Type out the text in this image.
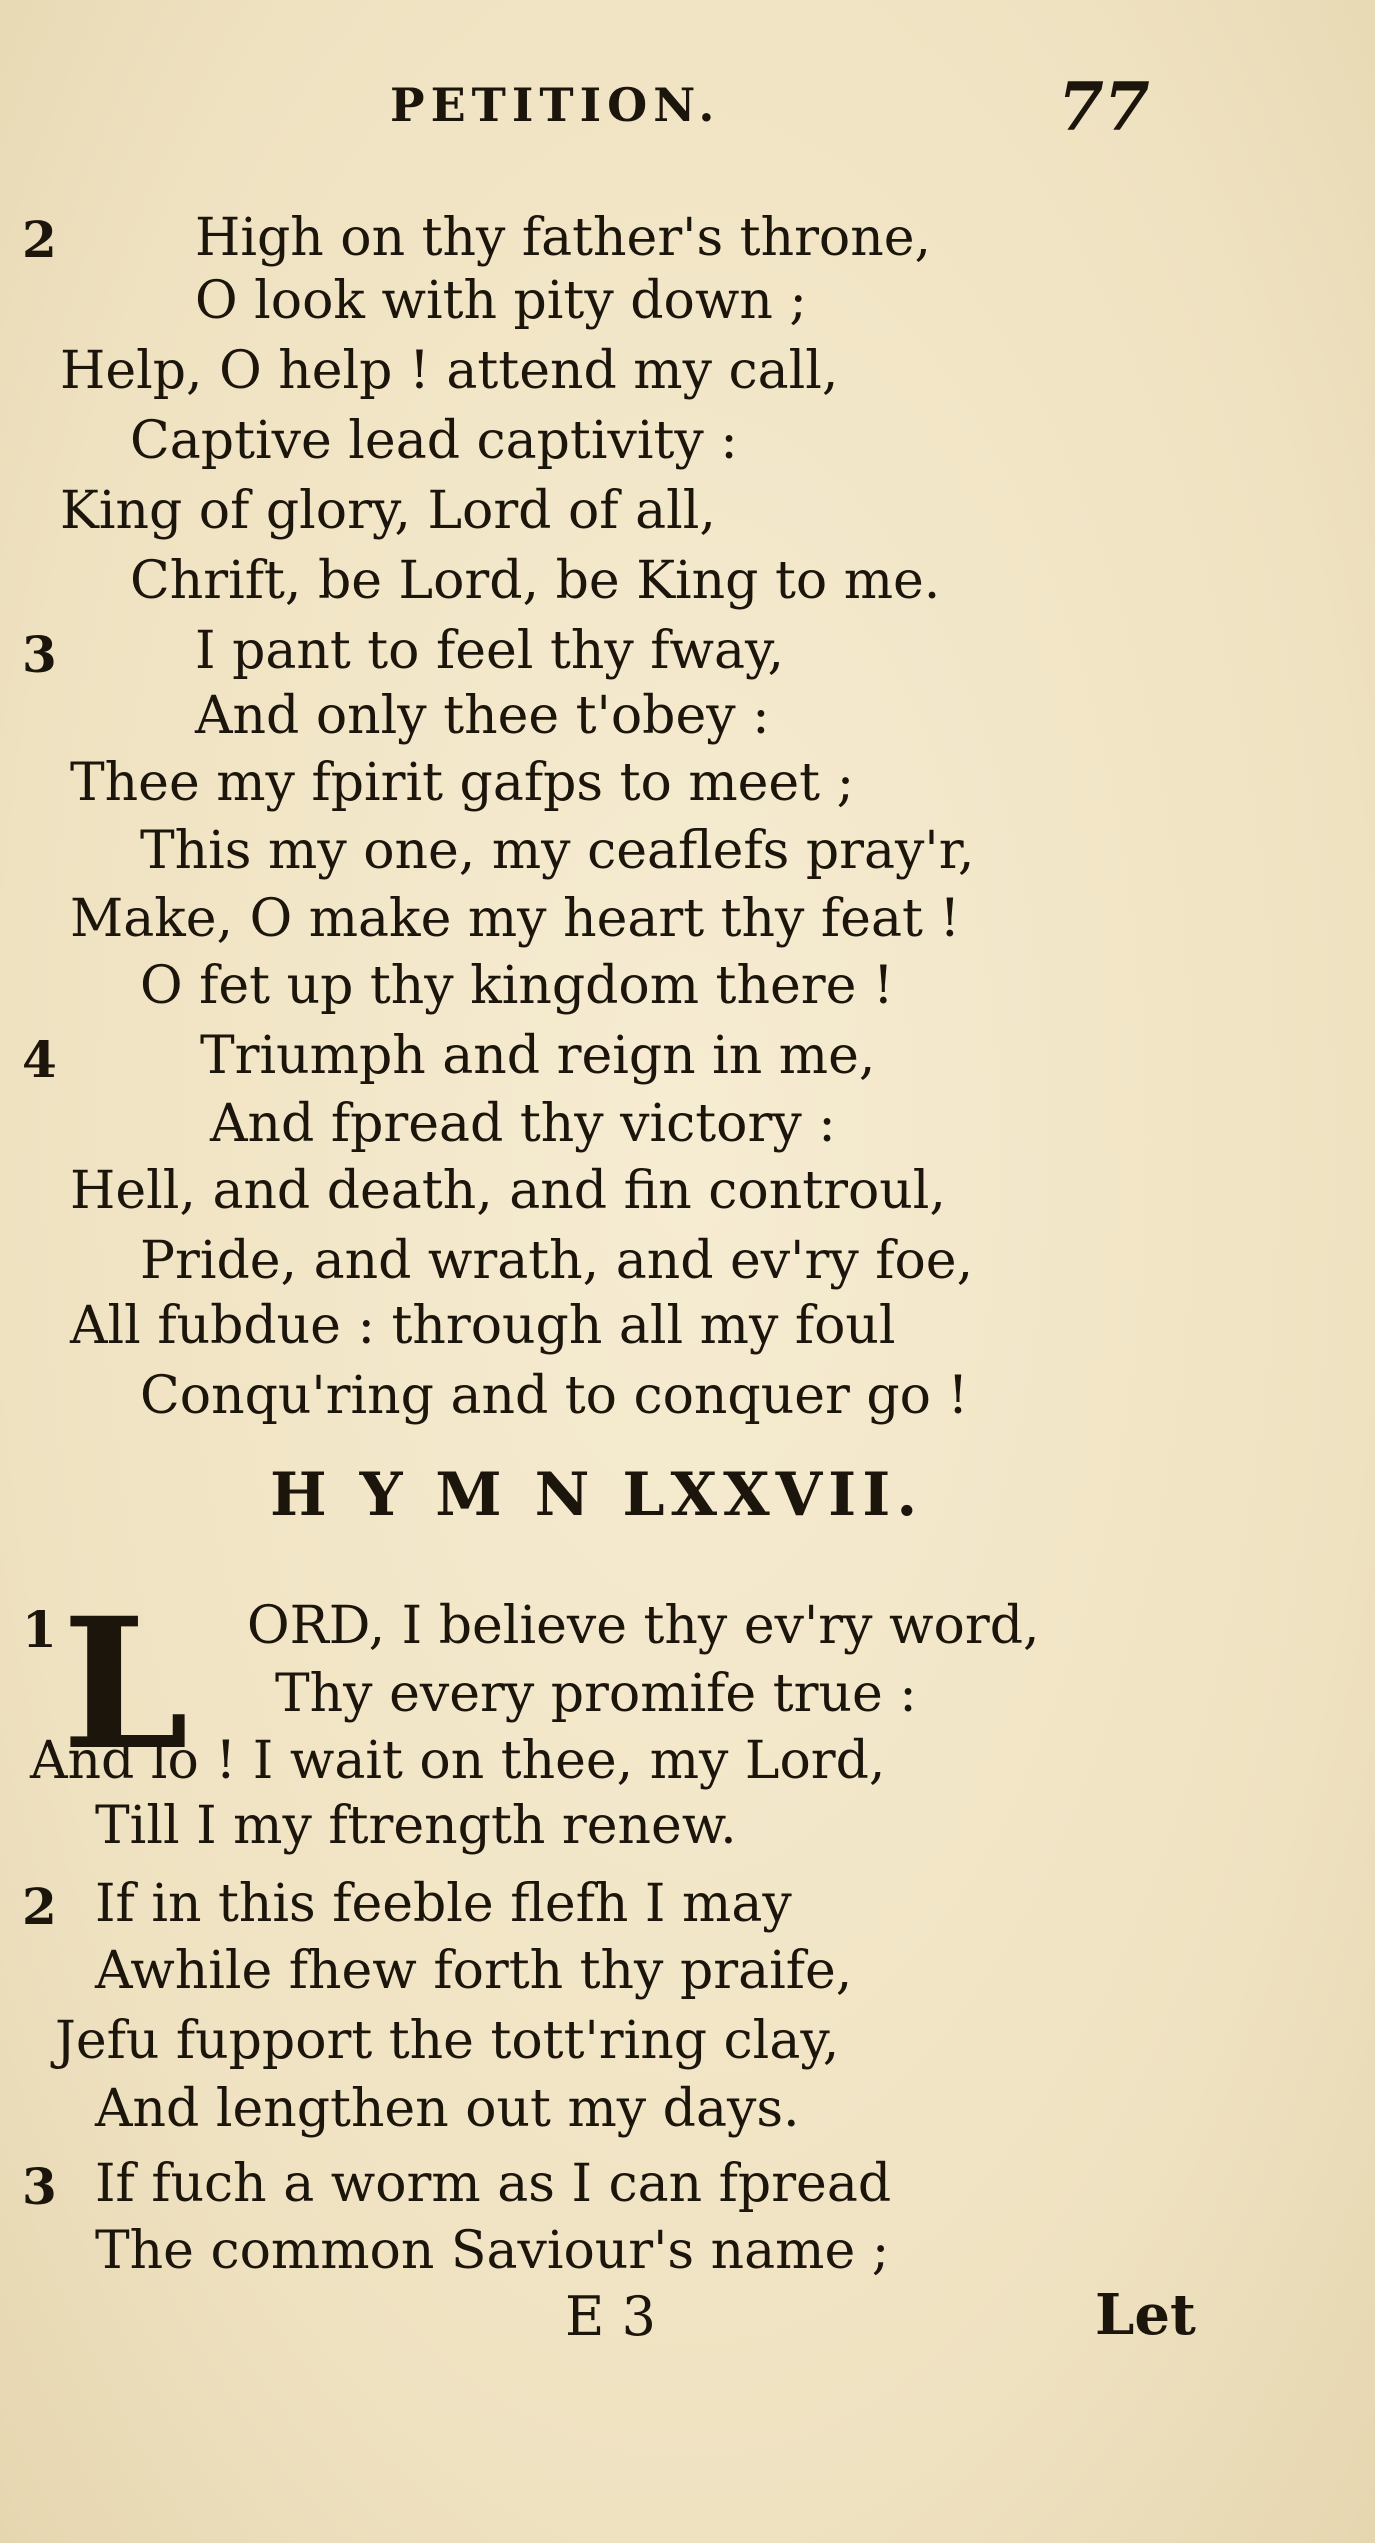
PETITION.	77
2	High on thy father's throne,
O look with pity down ;
Help, O help ! attend my call,
Captive lead captivity :
King of glory, Lord of all,
Chrift, be Lord, be King to me.
3	I pant to feel thy fway,
And only thee t'obey :
Thee my fpirit gafps to meet ;
This my one, my ceaflefs pray'r,
Make, O make my heart thy feat !
O fet up thy kingdom there !
4	Triumph and reign in me,
And fpread thy victory :
Hell, and death, and fin controul,
Pride, and wrath, and ev'ry foe,
All fubdue : through all my foul
Conqu'ring and to conquer go !
H Y M N LXXVII.
L
1	ORD, I believe thy ev'ry word,
Thy every promife true :
And lo ! I wait on thee, my Lord,
Till I my ftrength renew.
2 If in this feeble flefh I may
Awhile fhew forth thy praife,
Jefu fupport the tott'ring clay,
And lengthen out my days.
3 If fuch a worm as I can fpread
The common Saviour's name ;
E 3	Let
